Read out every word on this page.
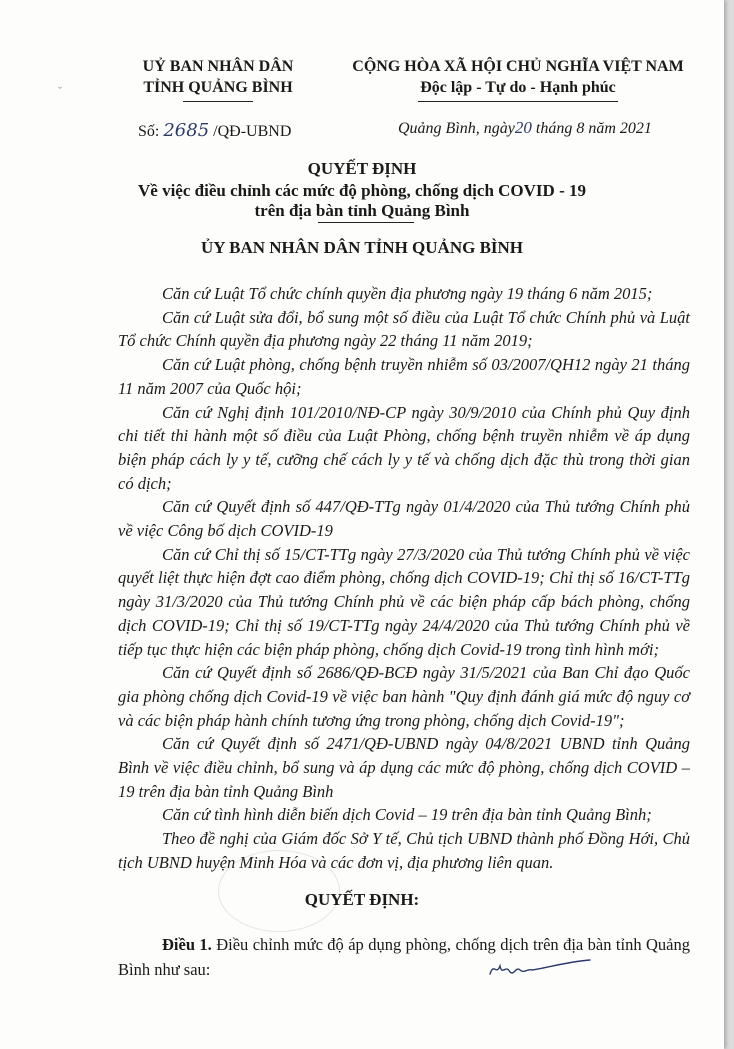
ˇ
UỶ BAN NHÂN DÂN
TỈNH QUẢNG BÌNH
CỘNG HÒA XÃ HỘI CHỦ NGHĨA VIỆT NAM
Độc lập - Tự do - Hạnh phúc
Số: 2685 /QĐ-UBND	Quảng Bình, ngày20 tháng 8 năm 2021
QUYẾT ĐỊNH
Về việc điều chỉnh các mức độ phòng, chống dịch COVID - 19
trên địa bàn tỉnh Quảng Bình
ỦY BAN NHÂN DÂN TỈNH QUẢNG BÌNH

Căn cứ Luật Tổ chức chính quyền địa phương ngày 19 tháng 6 năm 2015;

Căn cứ Luật sửa đổi, bổ sung một số điều của Luật Tổ chức Chính phủ và Luật Tổ chức Chính quyền địa phương ngày 22 tháng 11 năm 2019;

Căn cứ Luật phòng, chống bệnh truyền nhiễm số 03/2007/QH12 ngày 21 tháng 11 năm 2007 của Quốc hội;

Căn cứ Nghị định 101/2010/NĐ-CP ngày 30/9/2010 của Chính phủ Quy định chi tiết thi hành một số điều của Luật Phòng, chống bệnh truyền nhiễm về áp dụng biện pháp cách ly y tế, cưỡng chế cách ly y tế và chống dịch đặc thù trong thời gian có dịch;

Căn cứ Quyết định số 447/QĐ-TTg ngày 01/4/2020 của Thủ tướng Chính phủ về việc Công bố dịch COVID-19

Căn cứ Chỉ thị số 15/CT-TTg ngày 27/3/2020 của Thủ tướng Chính phủ về việc quyết liệt thực hiện đợt cao điểm phòng, chống dịch COVID-19; Chỉ thị số 16/CT-TTg ngày 31/3/2020 của Thủ tướng Chính phủ về các biện pháp cấp bách phòng, chống dịch COVID-19; Chỉ thị số 19/CT-TTg ngày 24/4/2020 của Thủ tướng Chính phủ về tiếp tục thực hiện các biện pháp phòng, chống dịch Covid-19 trong tình hình mới;

Căn cứ Quyết định số 2686/QĐ-BCĐ ngày 31/5/2021 của Ban Chỉ đạo Quốc gia phòng chống dịch Covid-19 về việc ban hành "Quy định đánh giá mức độ nguy cơ và các biện pháp hành chính tương ứng trong phòng, chống dịch Covid-19";

Căn cứ Quyết định số 2471/QĐ-UBND ngày 04/8/2021 UBND tỉnh Quảng Bình về việc điều chỉnh, bổ sung và áp dụng các mức độ phòng, chống dịch COVID – 19 trên địa bàn tỉnh Quảng Bình

Căn cứ tình hình diễn biến dịch Covid – 19 trên địa bàn tỉnh Quảng Bình;

Theo đề nghị của Giám đốc Sở Y tế, Chủ tịch UBND thành phố Đồng Hới, Chủ tịch UBND huyện Minh Hóa và các đơn vị, địa phương liên quan.

QUYẾT ĐỊNH:

Điều 1. Điều chỉnh mức độ áp dụng phòng, chống dịch trên địa bàn tỉnh Quảng Bình như sau:
